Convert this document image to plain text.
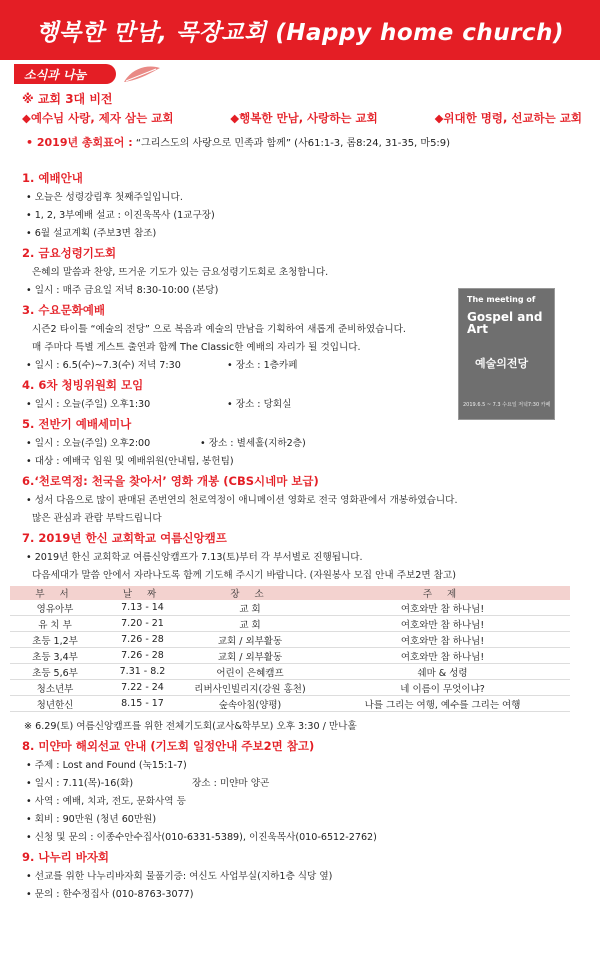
행복한 만남, 목장교회 (Happy home church)
소식과 나눔
※ 교회 3대 비전
◆예수님 사랑, 제자 삼는 교회	◆행복한 만남, 사랑하는 교회	◆위대한 명령, 선교하는 교회
• 2019년 총회표어 : “그리스도의 사랑으로 민족과 함께” (사61:1-3, 롬8:24, 31-35, 마5:9)
1. 예배안내
• 오늘은 성령강림후 첫째주일입니다.
• 1, 2, 3부예배 설교 : 이진욱목사 (1교구장)
• 6월 설교계획 (주보3면 참조)
2. 금요성령기도회
은혜의 말씀과 찬양, 뜨거운 기도가 있는 금요성령기도회로 초청합니다.
• 일시 : 매주 금요일 저녁 8:30-10:00 (본당)
3. 수요문화예배
시즌2 타이틀 “예술의 전당” 으로 복음과 예술의 만남을 기획하여 새롭게 준비하였습니다.
매 주마다 특별 게스트 출연과 함께 The Classic한 예배의 자리가 될 것입니다.
• 일시 : 6.5(수)~7.3(수) 저녁 7:30	• 장소 : 1층카페
4. 6차 청빙위원회 모임
• 일시 : 오늘(주일) 오후1:30	• 장소 : 당회실
5. 전반기 예배세미나
• 일시 : 오늘(주일) 오후2:00	• 장소 : 별세홀(지하2층)
• 대상 : 예배국 임원 및 예배위원(안내팀, 봉헌팀)
6.‘천로역정: 천국을 찾아서’ 영화 개봉 (CBS시네마 보급)
• 성서 다음으로 많이 판매된 존번연의 천로역정이 애니메이션 영화로 전국 영화관에서 개봉하였습니다.
많은 관심과 관람 부탁드립니다
7. 2019년 한신 교회학교 여름신앙캠프
• 2019년 한신 교회학교 여름신앙캠프가 7.13(토)부터 각 부서별로 진행됩니다.
다음세대가 말씀 안에서 자라나도록 함께 기도해 주시기 바랍니다. (자원봉사 모집 안내 주보2면 참고)
※ 6.29(토) 여름신앙캠프를 위한 전체기도회(교사&학부모) 오후 3:30 / 만나홀
8. 미얀마 해외선교 안내 (기도회 일정안내 주보2면 참고)
• 주제 : Lost and Found (눅15:1-7)
• 일시 : 7.11(목)-16(화)	장소 : 미얀마 양곤
• 사역 : 예배, 치과, 전도, 문화사역 등
• 회비 : 90만원 (청년 60만원)
• 신청 및 문의 : 이종수안수집사(010-6331-5389), 이진욱목사(010-6512-2762)
9. 나누리 바자회
• 선교를 위한 나누리바자회 물품기증: 여신도 사업부실(지하1층 식당 옆)
• 문의 : 한수정집사 (010-8763-3077)
The meeting of
Gospel and Art
예술의전당
2019.6.5 ~ 7.3 수요일 저녁7:30 카페
부 서	날 짜	장 소	주 제
영유아부	7.13 - 14	교 회	여호와만 참 하나님!
유 치 부	7.20 - 21	교 회	여호와만 참 하나님!
초등 1,2부	7.26 - 28	교회 / 외부활동	여호와만 참 하나님!
초등 3,4부	7.26 - 28	교회 / 외부활동	여호와만 참 하나님!
초등 5,6부	7.31 - 8.2	어린이 은혜캠프	쉐마 & 성령
청소년부	7.22 - 24	리버사인빌리지(강원 홍천)	네 이름이 무엇이냐?
청년한신	8.15 - 17	숲속아침(양평)	나를 그리는 여행, 예수를 그리는 여행
